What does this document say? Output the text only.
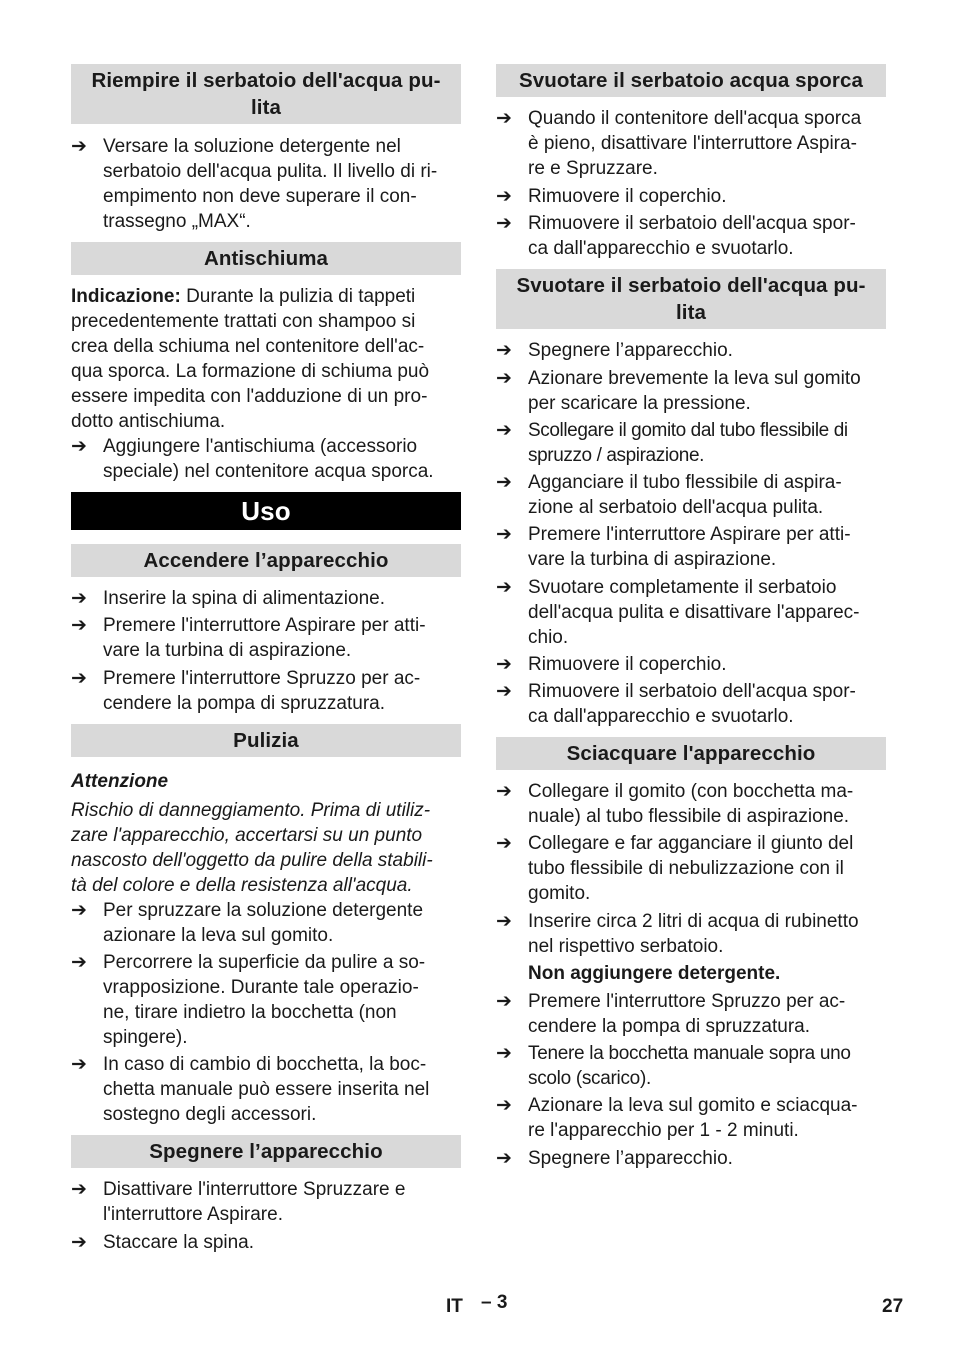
Riempire il serbatoio dell'acqua pu-
lita
➔ Versare la soluzione detergente nel
serbatoio dell'acqua pulita. Il livello di ri-
empimento non deve superare il con-
trassegno „MAX“.
Antischiuma
Indicazione: Durante la pulizia di tappeti
precedentemente trattati con shampoo si
crea della schiuma nel contenitore dell'ac-
qua sporca. La formazione di schiuma può
essere impedita con l'adduzione di un pro-
dotto antischiuma.
➔ Aggiungere l'antischiuma (accessorio
speciale) nel contenitore acqua sporca.
Uso
Accendere l’apparecchio
➔ Inserire la spina di alimentazione.
➔ Premere l'interruttore Aspirare per atti-
vare la turbina di aspirazione.
➔ Premere l'interruttore Spruzzo per ac-
cendere la pompa di spruzzatura.
Pulizia
Attenzione
Rischio di danneggiamento. Prima di utiliz-
zare l'apparecchio, accertarsi su un punto
nascosto dell'oggetto da pulire della stabili-
tà del colore e della resistenza all'acqua.
➔ Per spruzzare la soluzione detergente
azionare la leva sul gomito.
➔ Percorrere la superficie da pulire a so-
vrapposizione. Durante tale operazio-
ne, tirare indietro la bocchetta (non
spingere).
➔ In caso di cambio di bocchetta, la boc-
chetta manuale può essere inserita nel
sostegno degli accessori.
Spegnere l’apparecchio
➔ Disattivare l'interruttore Spruzzare e
l'interruttore Aspirare.
➔ Staccare la spina.
Svuotare il serbatoio acqua sporca
➔ Quando il contenitore dell'acqua sporca
è pieno, disattivare l'interruttore Aspira-
re e Spruzzare.
➔ Rimuovere il coperchio.
➔ Rimuovere il serbatoio dell'acqua spor-
ca dall'apparecchio e svuotarlo.
Svuotare il serbatoio dell'acqua pu-
lita
➔ Spegnere l’apparecchio.
➔ Azionare brevemente la leva sul gomito
per scaricare la pressione.
➔ Scollegare il gomito dal tubo flessibile di
spruzzo / aspirazione.
➔ Agganciare il tubo flessibile di aspira-
zione al serbatoio dell'acqua pulita.
➔ Premere l'interruttore Aspirare per atti-
vare la turbina di aspirazione.
➔ Svuotare completamente il serbatoio
dell'acqua pulita e disattivare l'apparec-
chio.
➔ Rimuovere il coperchio.
➔ Rimuovere il serbatoio dell'acqua spor-
ca dall'apparecchio e svuotarlo.
Sciacquare l'apparecchio
➔ Collegare il gomito (con bocchetta ma-
nuale) al tubo flessibile di aspirazione.
➔ Collegare e far agganciare il giunto del
tubo flessibile di nebulizzazione con il
gomito.
➔ Inserire circa 2 litri di acqua di rubinetto
nel rispettivo serbatoio.
Non aggiungere detergente.
➔ Premere l'interruttore Spruzzo per ac-
cendere la pompa di spruzzatura.
➔ Tenere la bocchetta manuale sopra uno
scolo (scarico).
➔ Azionare la leva sul gomito e sciacqua-
re l'apparecchio per 1 - 2 minuti.
➔ Spegnere l’apparecchio.
IT – 3	27
